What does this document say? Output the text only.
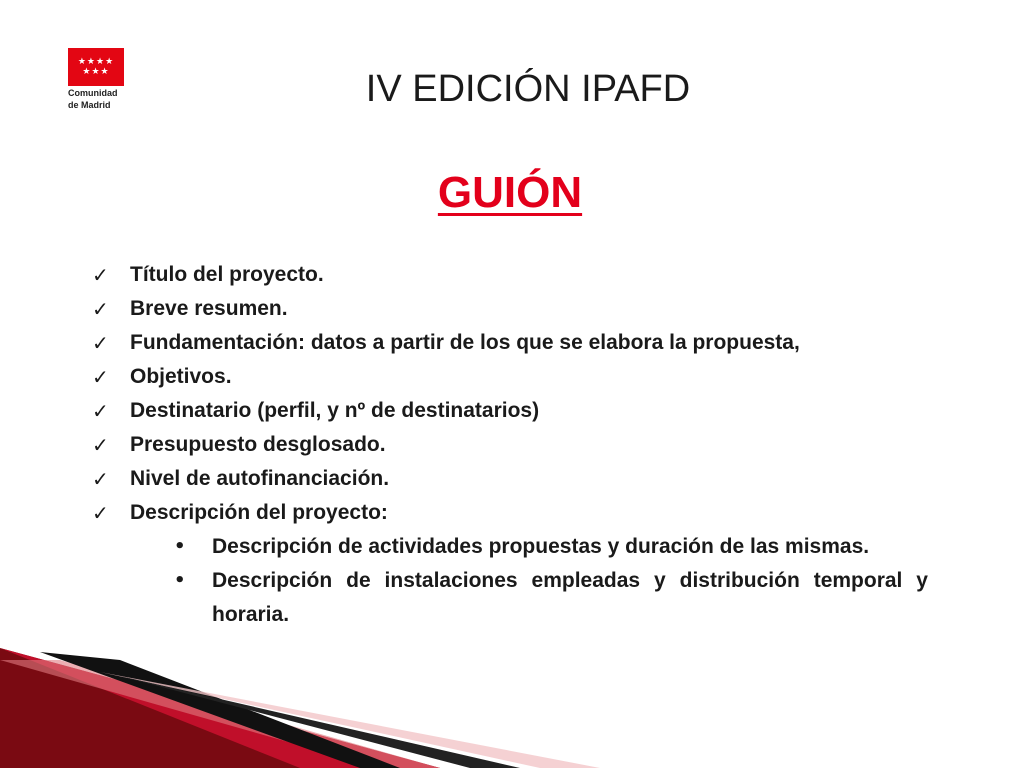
★★★★
★★★
Comunidad
de Madrid	IV EDICIÓN IPAFD
GUIÓN
✓	Título del proyecto.
✓	Breve resumen.
✓	Fundamentación: datos a partir de los que se elabora la propuesta,
✓	Objetivos.
✓	Destinatario (perfil, y nº de destinatarios)
✓	Presupuesto desglosado.
✓	Nivel de autofinanciación.
✓	Descripción del proyecto:
•	Descripción de actividades propuestas y duración de las mismas.
•	Descripción de instalaciones empleadas y distribución temporal y horaria.
